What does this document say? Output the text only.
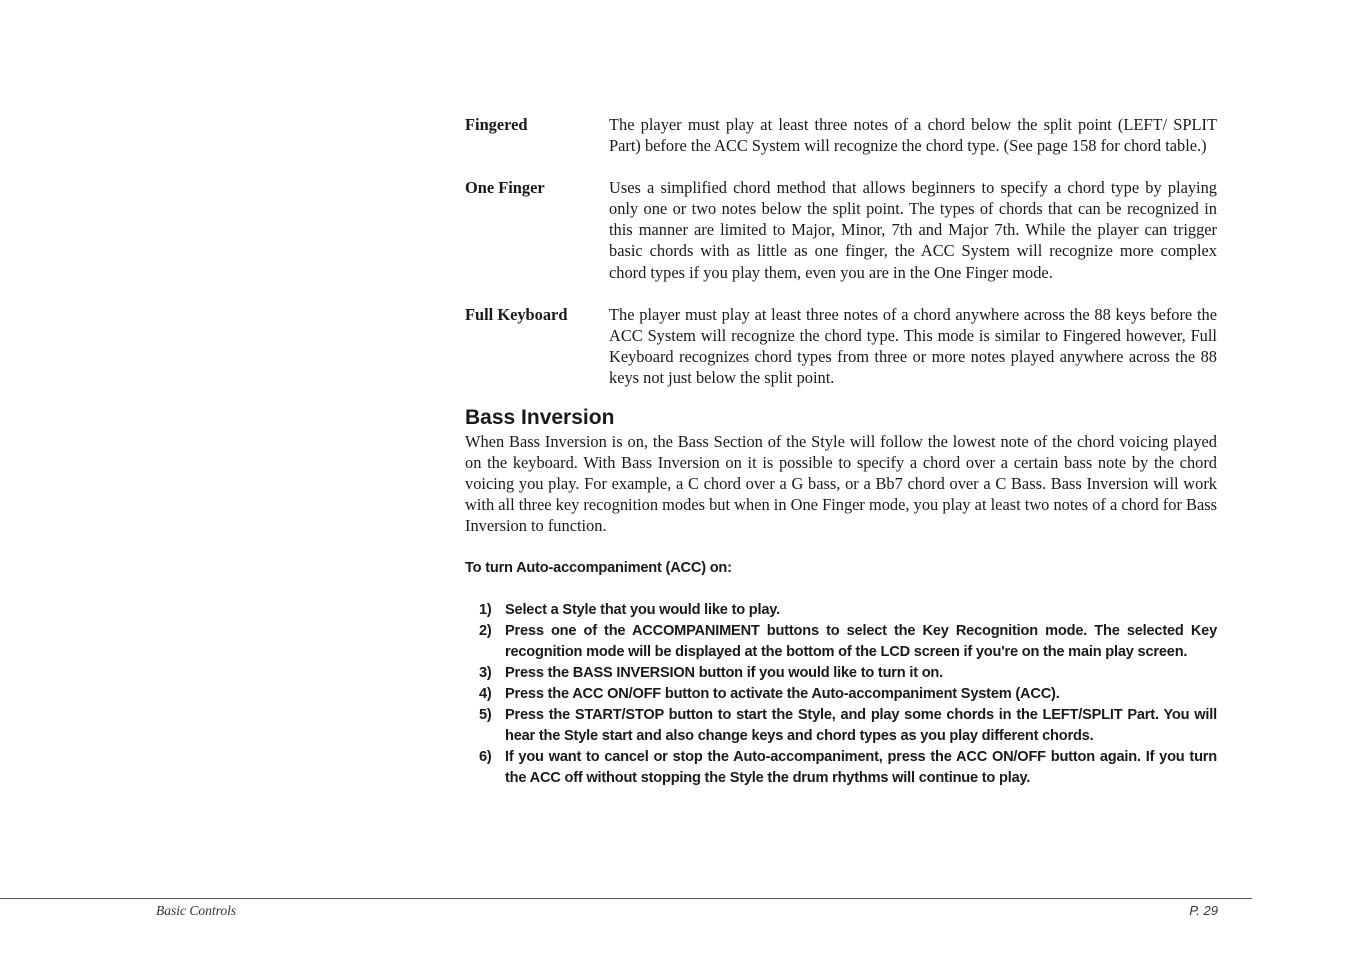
Fingered	The player must play at least three notes of a chord below the split point (LEFT/ SPLIT Part) before the ACC System will recognize the chord type. (See page 158 for chord table.)
One Finger	Uses a simplified chord method that allows beginners to specify a chord type by playing only one or two notes below the split point. The types of chords that can be recognized in this manner are limited to Major, Minor, 7th and Major 7th. While the player can trigger basic chords with as little as one finger, the ACC System will recognize more complex chord types if you play them, even you are in the One Finger mode.
Full Keyboard	The player must play at least three notes of a chord anywhere across the 88 keys before the ACC System will recognize the chord type. This mode is similar to Fingered however, Full Keyboard recognizes chord types from three or more notes played anywhere across the 88 keys not just below the split point.
Bass Inversion

When Bass Inversion is on, the Bass Section of the Style will follow the lowest note of the chord voicing played on the keyboard. With Bass Inversion on it is possible to specify a chord over a certain bass note by the chord voicing you play. For example, a C chord over a G bass, or a Bb7 chord over a C Bass. Bass Inversion will work with all three key recognition modes but when in One Finger mode, you play at least two notes of a chord for Bass Inversion to function.

To turn Auto-accompaniment (ACC) on:
1) Select a Style that you would like to play.
2) Press one of the ACCOMPANIMENT buttons to select the Key Recognition mode. The selected Key recognition mode will be displayed at the bottom of the LCD screen if you're on the main play screen.
3) Press the BASS INVERSION button if you would like to turn it on.
4) Press the ACC ON/OFF button to activate the Auto-accompaniment System (ACC).
5) Press the START/STOP button to start the Style, and play some chords in the LEFT/SPLIT Part. You will hear the Style start and also change keys and chord types as you play different chords.
6) If you want to cancel or stop the Auto-accompaniment, press the ACC ON/OFF button again. If you turn the ACC off without stopping the Style the drum rhythms will continue to play.
Basic Controls	P. 29
